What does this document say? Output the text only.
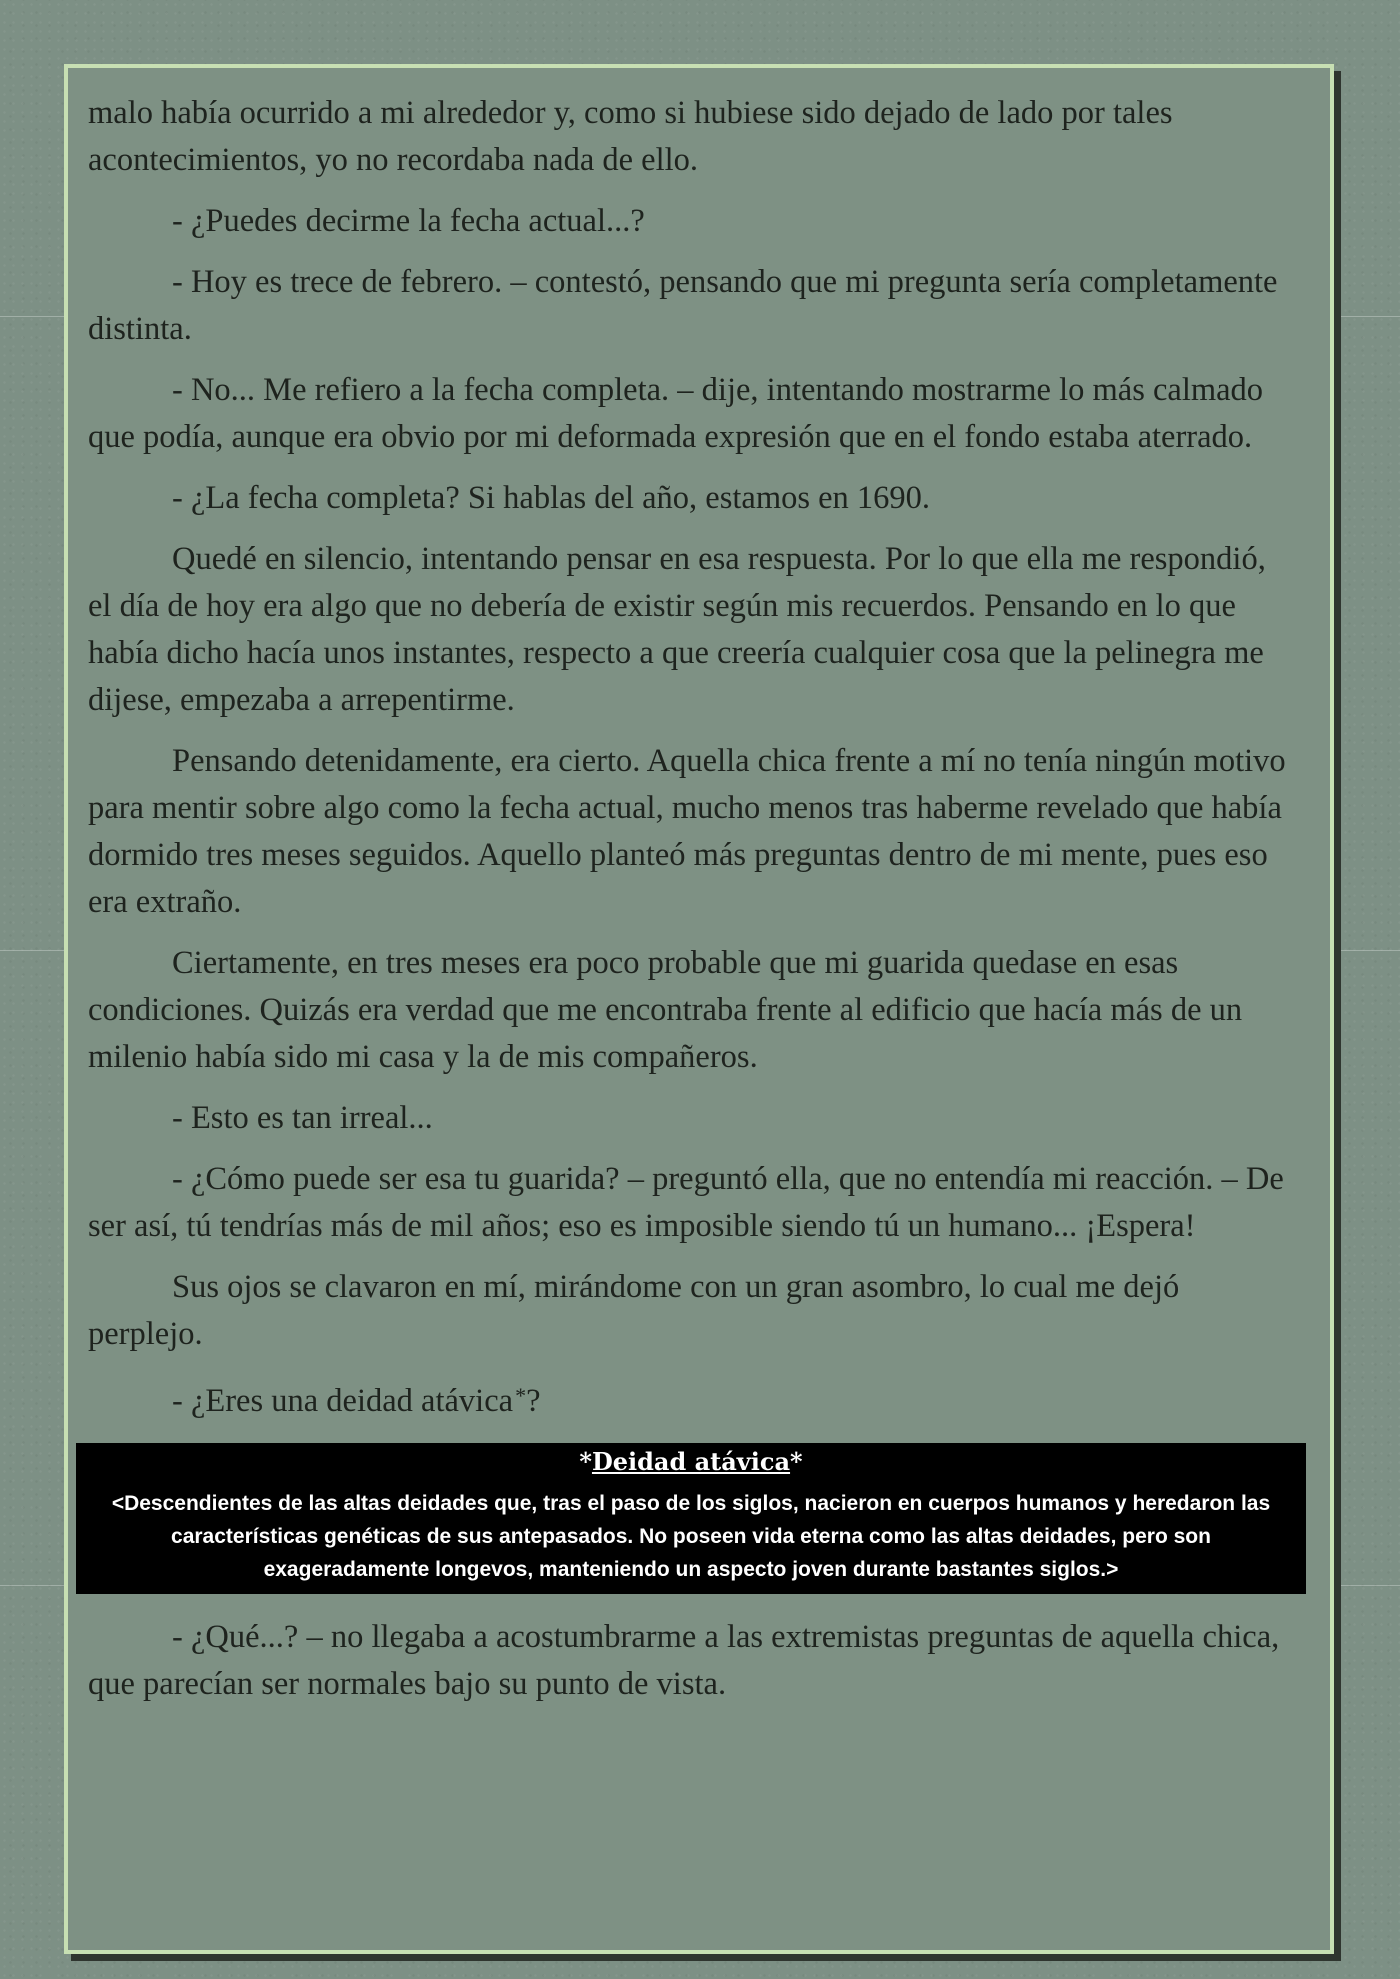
malo había ocurrido a mi alrededor y, como si hubiese sido dejado de lado por tales acontecimientos, yo no recordaba nada de ello.

- ¿Puedes decirme la fecha actual...?

- Hoy es trece de febrero. – contestó, pensando que mi pregunta sería completamente distinta.

- No... Me refiero a la fecha completa. – dije, intentando mostrarme lo más calmado que podía, aunque era obvio por mi deformada expresión que en el fondo estaba aterrado.

- ¿La fecha completa? Si hablas del año, estamos en 1690.

Quedé en silencio, intentando pensar en esa respuesta. Por lo que ella me respondió, el día de hoy era algo que no debería de existir según mis recuerdos. Pensando en lo que había dicho hacía unos instantes, respecto a que creería cualquier cosa que la pelinegra me dijese, empezaba a arrepentirme.

Pensando detenidamente, era cierto. Aquella chica frente a mí no tenía ningún motivo para mentir sobre algo como la fecha actual, mucho menos tras haberme revelado que había dormido tres meses seguidos. Aquello planteó más preguntas dentro de mi mente, pues eso era extraño.

Ciertamente, en tres meses era poco probable que mi guarida quedase en esas condiciones. Quizás era verdad que me encontraba frente al edificio que hacía más de un milenio había sido mi casa y la de mis compañeros.

- Esto es tan irreal...

- ¿Cómo puede ser esa tu guarida? – preguntó ella, que no entendía mi reacción. – De ser así, tú tendrías más de mil años; eso es imposible siendo tú un humano... ¡Espera!

Sus ojos se clavaron en mí, mirándome con un gran asombro, lo cual me dejó perplejo.

- ¿Eres una deidad atávica*?

*Deidad atávica*
<Descendientes de las altas deidades que, tras el paso de los siglos, nacieron en cuerpos humanos y heredaron las características genéticas de sus antepasados. No poseen vida eterna como las altas deidades, pero son exageradamente longevos, manteniendo un aspecto joven durante bastantes siglos.>

- ¿Qué...? – no llegaba a acostumbrarme a las extremistas preguntas de aquella chica, que parecían ser normales bajo su punto de vista.
